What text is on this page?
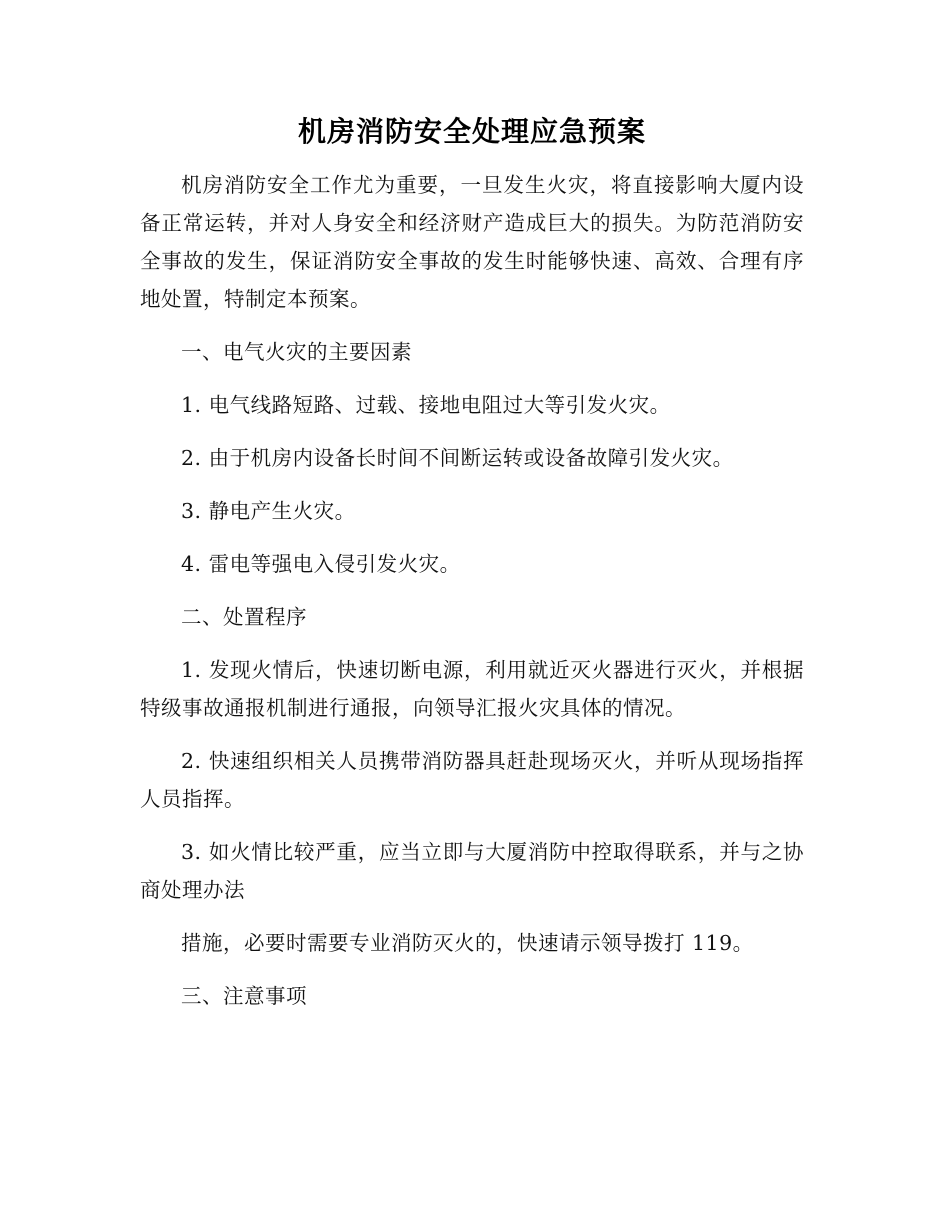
机房消防安全处理应急预案

机房消防安全工作尤为重要，一旦发生火灾，将直接影响大厦内设备正常运转，并对人身安全和经济财产造成巨大的损失。为防范消防安全事故的发生，保证消防安全事故的发生时能够快速、高效、合理有序地处置，特制定本预案。

一、电气火灾的主要因素

1. 电气线路短路、过载、接地电阻过大等引发火灾。

2. 由于机房内设备长时间不间断运转或设备故障引发火灾。

3. 静电产生火灾。

4. 雷电等强电入侵引发火灾。

二、处置程序

1. 发现火情后，快速切断电源，利用就近灭火器进行灭火，并根据特级事故通报机制进行通报，向领导汇报火灾具体的情况。

2. 快速组织相关人员携带消防器具赶赴现场灭火，并听从现场指挥人员指挥。

3. 如火情比较严重，应当立即与大厦消防中控取得联系，并与之协商处理办法

措施，必要时需要专业消防灭火的，快速请示领导拨打 119。

三、注意事项
